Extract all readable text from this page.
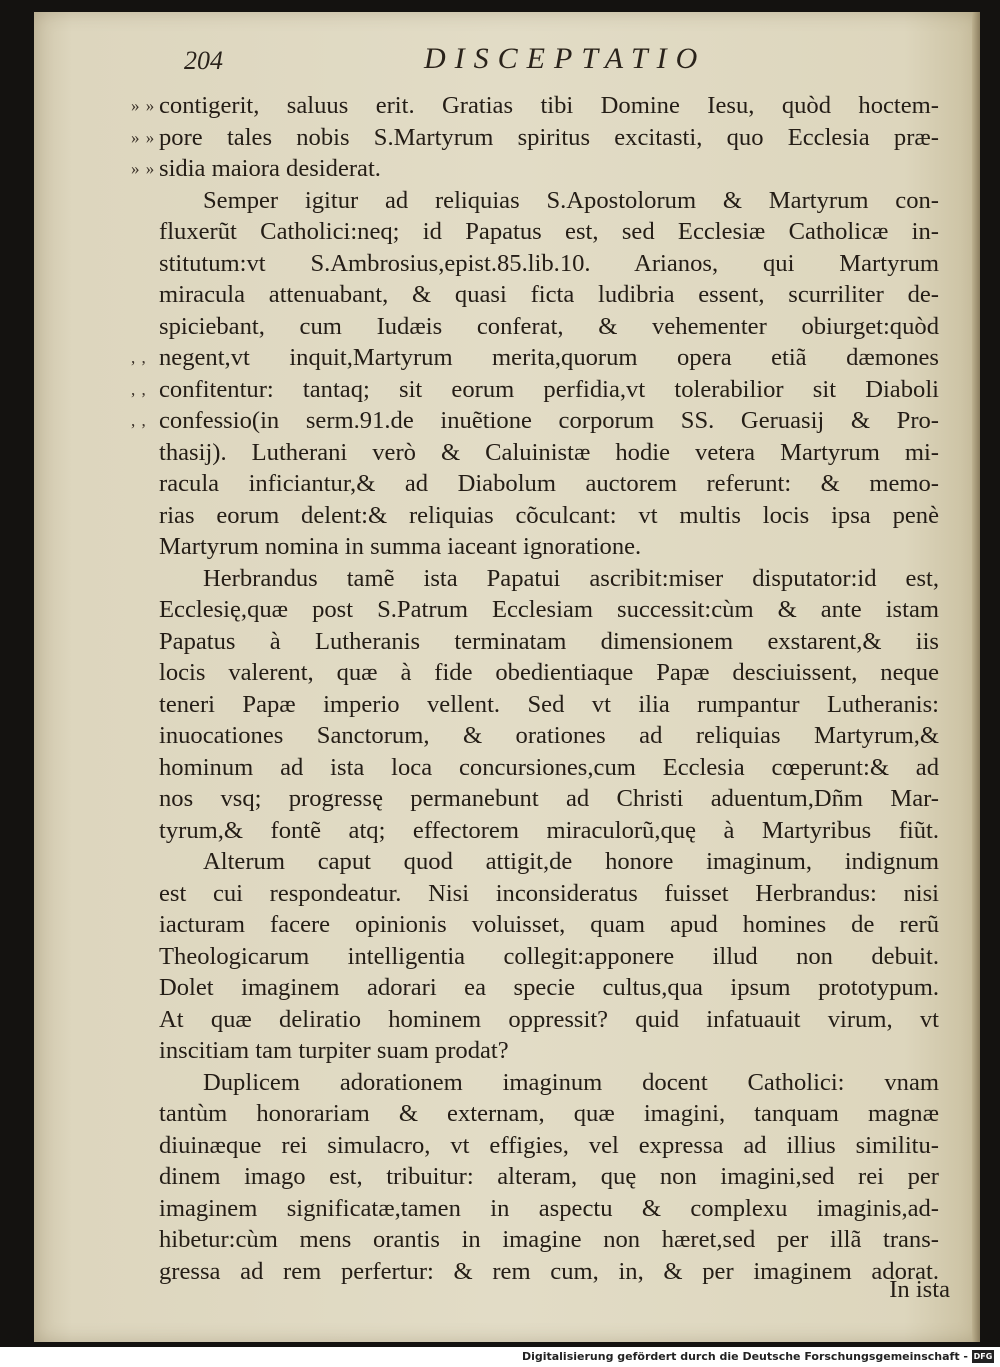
204	DISCEPTATIO
» » contigerit, saluus erit. Gratias tibi Domine Iesu, quòd hoctem-
» » pore tales nobis S.Martyrum spiritus excitasti, quo Ecclesia præ-
» » sidia maiora desiderat.
Semper igitur ad reliquias S.Apostolorum & Martyrum con-
fluxerũt Catholici:neq; id Papatus est, sed Ecclesiæ Catholicæ in-
stitutum:vt S.Ambrosius,epist.85.lib.10. Arianos, qui Martyrum
miracula attenuabant, & quasi ficta ludibria essent, scurriliter de-
spiciebant, cum Iudæis conferat, & vehementer obiurget:quòd
, , negent,vt inquit,Martyrum merita,quorum opera etiã dæmones
, , confitentur: tantaq; sit eorum perfidia,vt tolerabilior sit Diaboli
, , confessio(in serm.91.de inuẽtione corporum SS. Geruasij & Pro-
thasij). Lutherani verò & Caluinistæ hodie vetera Martyrum mi-
racula inficiantur,& ad Diabolum auctorem referunt: & memo-
rias eorum delent:& reliquias cõculcant: vt multis locis ipsa penè
Martyrum nomina in summa iaceant ignoratione.
Herbrandus tamẽ ista Papatui ascribit:miser disputator:id est,
Ecclesię,quæ post S.Patrum Ecclesiam successit:cùm & ante istam
Papatus à Lutheranis terminatam dimensionem exstarent,& iis
locis valerent, quæ à fide obedientiaque Papæ desciuissent, neque
teneri Papæ imperio vellent. Sed vt ilia rumpantur Lutheranis:
inuocationes Sanctorum, & orationes ad reliquias Martyrum,&
hominum ad ista loca concursiones,cum Ecclesia cœperunt:& ad
nos vsq; progressę permanebunt ad Christi aduentum,Dñm Mar-
tyrum,& fontẽ atq; effectorem miraculorũ,quę à Martyribus fiũt.
Alterum caput quod attigit,de honore imaginum, indignum
est cui respondeatur. Nisi inconsideratus fuisset Herbrandus: nisi
iacturam facere opinionis voluisset, quam apud homines de rerũ
Theologicarum intelligentia collegit:apponere illud non debuit.
Dolet imaginem adorari ea specie cultus,qua ipsum prototypum.
At quæ deliratio hominem oppressit? quid infatuauit virum, vt
inscitiam tam turpiter suam prodat?
Duplicem adorationem imaginum docent Catholici: vnam
tantùm honorariam & externam, quæ imagini, tanquam magnæ
diuinæque rei simulacro, vt effigies, vel expressa ad illius similitu-
dinem imago est, tribuitur: alteram, quę non imagini,sed rei per
imaginem significatæ,tamen in aspectu & complexu imaginis,ad-
hibetur:cùm mens orantis in imagine non hæret,sed per illã trans-
gressa ad rem perfertur: & rem cum, in, & per imaginem adorat.
In ista
Digitalisierung gefördert durch die Deutsche Forschungsgemeinschaft - DFG
